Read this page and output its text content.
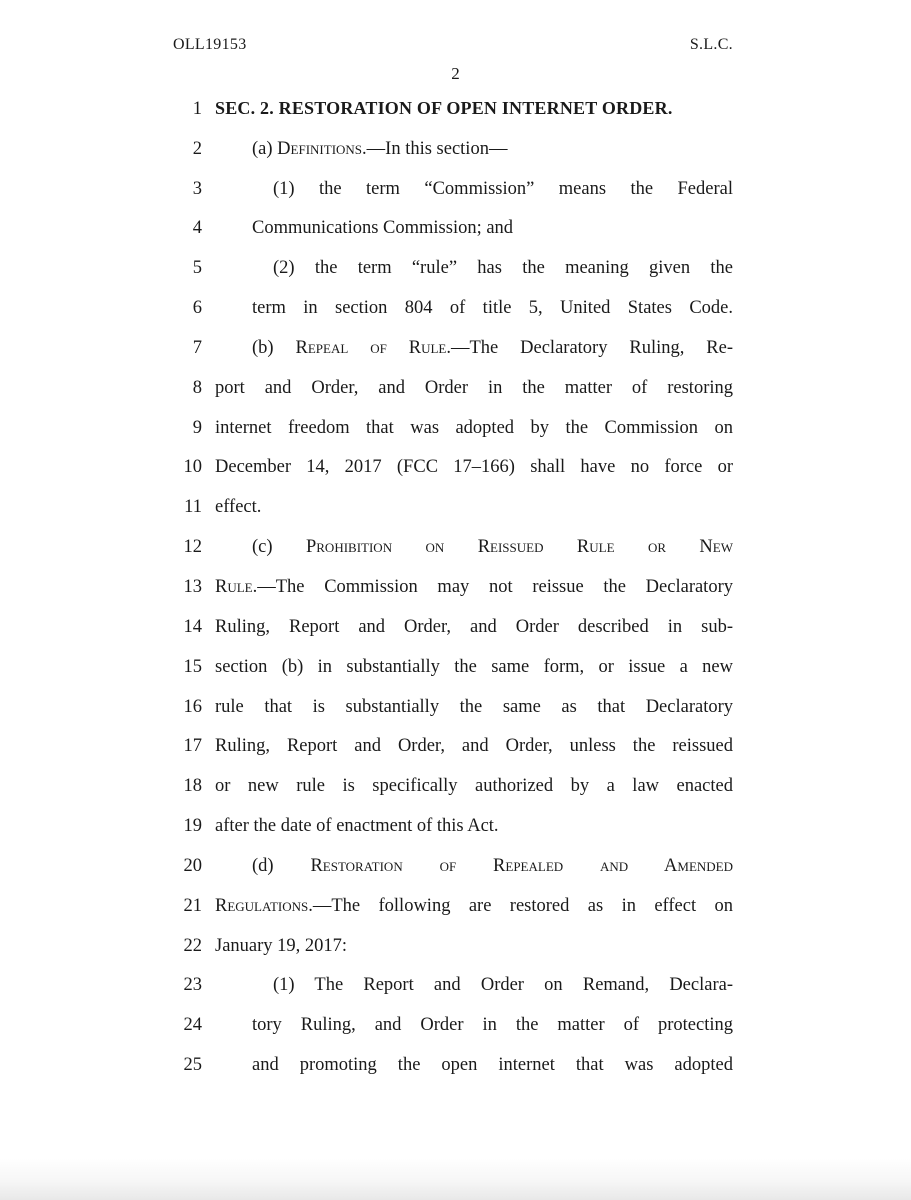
OLL19153	S.L.C.
2
1 SEC. 2. RESTORATION OF OPEN INTERNET ORDER.
2	(a) Definitions.—In this section—
3	(1) the term “Commission” means the Federal
4	Communications Commission; and
5	(2) the term “rule” has the meaning given the
6	term in section 804 of title 5, United States Code.
7	(b) Repeal of Rule.—The Declaratory Ruling, Re-
8 port and Order, and Order in the matter of restoring
9 internet freedom that was adopted by the Commission on
10 December 14, 2017 (FCC 17–166) shall have no force or
11 effect.
12	(c) Prohibition on Reissued Rule or New
13 Rule.—The Commission may not reissue the Declaratory
14 Ruling, Report and Order, and Order described in sub-
15 section (b) in substantially the same form, or issue a new
16 rule that is substantially the same as that Declaratory
17 Ruling, Report and Order, and Order, unless the reissued
18 or new rule is specifically authorized by a law enacted
19 after the date of enactment of this Act.
20	(d) Restoration of Repealed and Amended
21 Regulations.—The following are restored as in effect on
22 January 19, 2017:
23	(1) The Report and Order on Remand, Declara-
24	tory Ruling, and Order in the matter of protecting
25	and promoting the open internet that was adopted
